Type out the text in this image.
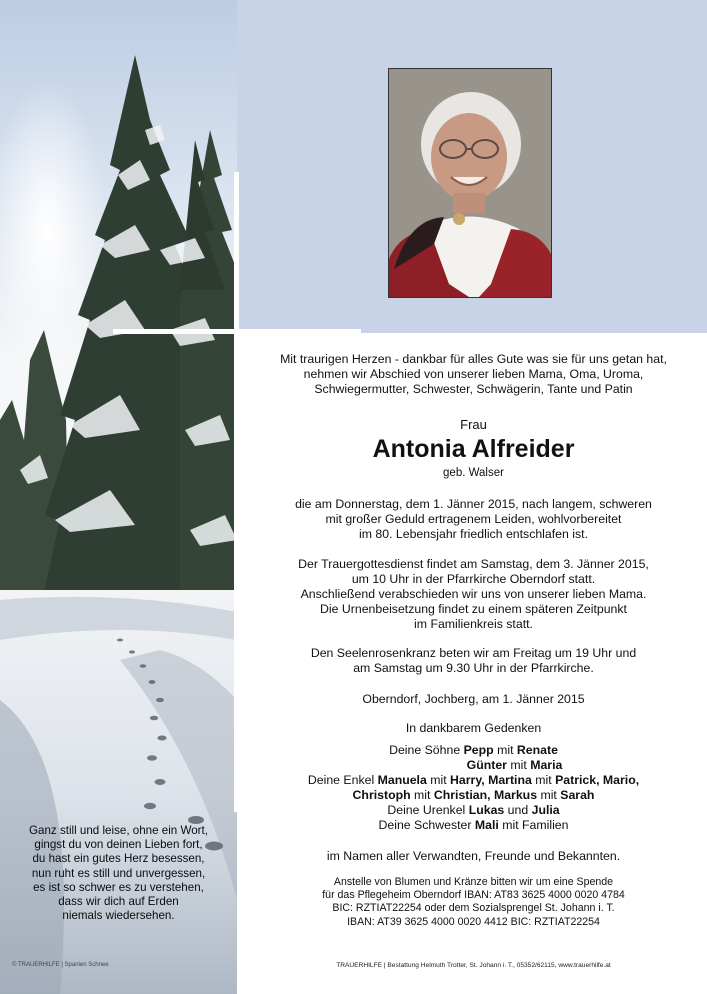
Ganz still und leise, ohne ein Wort,
gingst du von deinen Lieben fort,
du hast ein gutes Herz besessen,
nun ruht es still und unvergessen,
es ist so schwer es zu verstehen,
dass wir dich auf Erden
niemals wiedersehen.
© TRAUERHILFE | Spanien Schnee
Mit traurigen Herzen - dankbar für alles Gute was sie für uns getan hat,
nehmen wir Abschied von unserer lieben Mama, Oma, Uroma,
Schwiegermutter, Schwester, Schwägerin, Tante und Patin
Frau
Antonia Alfreider
geb. Walser
die am Donnerstag, dem 1. Jänner 2015, nach langem, schweren
mit großer Geduld ertragenem Leiden, wohlvorbereitet
im 80. Lebensjahr friedlich entschlafen ist.
Der Trauergottesdienst findet am Samstag, dem 3. Jänner 2015,
um 10 Uhr in der Pfarrkirche Oberndorf statt.
Anschließend verabschieden wir uns von unserer lieben Mama.
Die Urnenbeisetzung findet zu einem späteren Zeitpunkt
im Familienkreis statt.
Den Seelenrosenkranz beten wir am Freitag um 19 Uhr und
am Samstag um 9.30 Uhr in der Pfarrkirche.
Oberndorf, Jochberg, am 1. Jänner 2015
In dankbarem Gedenken
Deine Söhne Pepp mit Renate
Günter mit Maria
Deine Enkel Manuela mit Harry, Martina mit Patrick, Mario,
Christoph mit Christian, Markus mit Sarah
Deine Urenkel Lukas und Julia
Deine Schwester Mali mit Familien
im Namen aller Verwandten, Freunde und Bekannten.
Anstelle von Blumen und Kränze bitten wir um eine Spende
für das Pflegeheim Oberndorf IBAN: AT83 3625 4000 0020 4784
BIC: RZTIAT22254 oder dem Sozialsprengel St. Johann i. T.
IBAN: AT39 3625 4000 0020 4412 BIC: RZTIAT22254
TRAUERHILFE | Bestattung Helmuth Trotter, St. Johann i. T., 05352/62115, www.trauerhilfe.at
